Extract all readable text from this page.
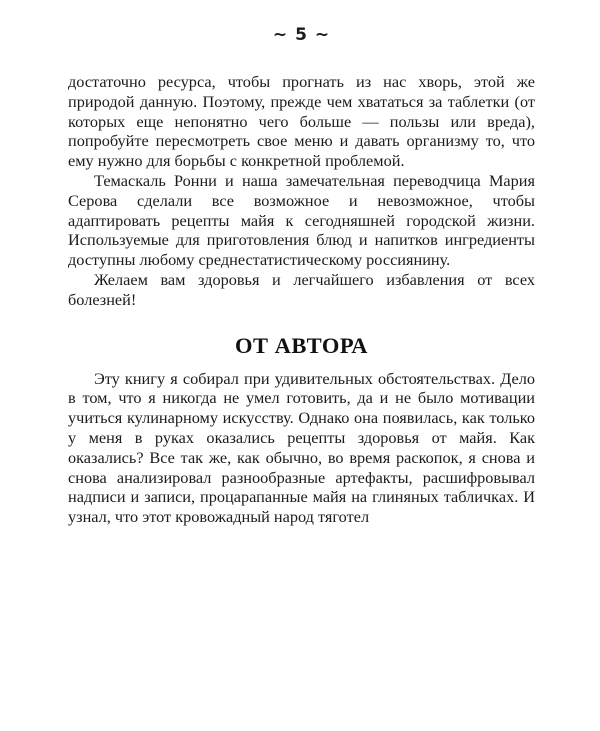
~ 5 ~

достаточно ресурса, чтобы прогнать из нас хворь, этой же природой данную. Поэтому, прежде чем хвататься за таблетки (от которых еще непонятно чего больше — пользы или вреда), попробуйте пересмотреть свое меню и давать организму то, что ему нужно для борьбы с конкретной проблемой.

Темаскаль Ронни и наша замечательная переводчица Мария Серова сделали все возможное и невозможное, чтобы адаптировать рецепты майя к сегодняшней городской жизни. Используемые для приготовления блюд и напитков ингредиенты доступны любому среднестатистическому россиянину.

Желаем вам здоровья и легчайшего избавления от всех болезней!

ОТ АВТОРА

Эту книгу я собирал при удивительных обстоятельствах. Дело в том, что я никогда не умел готовить, да и не было мотивации учиться кулинарному искусству. Однако она появилась, как только у меня в руках оказались рецепты здоровья от майя. Как оказались? Все так же, как обычно, во время раскопок, я снова и снова анализировал разнообразные артефакты, расшифровывал надписи и записи, процарапанные майя на глиняных табличках. И узнал, что этот кровожадный народ тяготел
